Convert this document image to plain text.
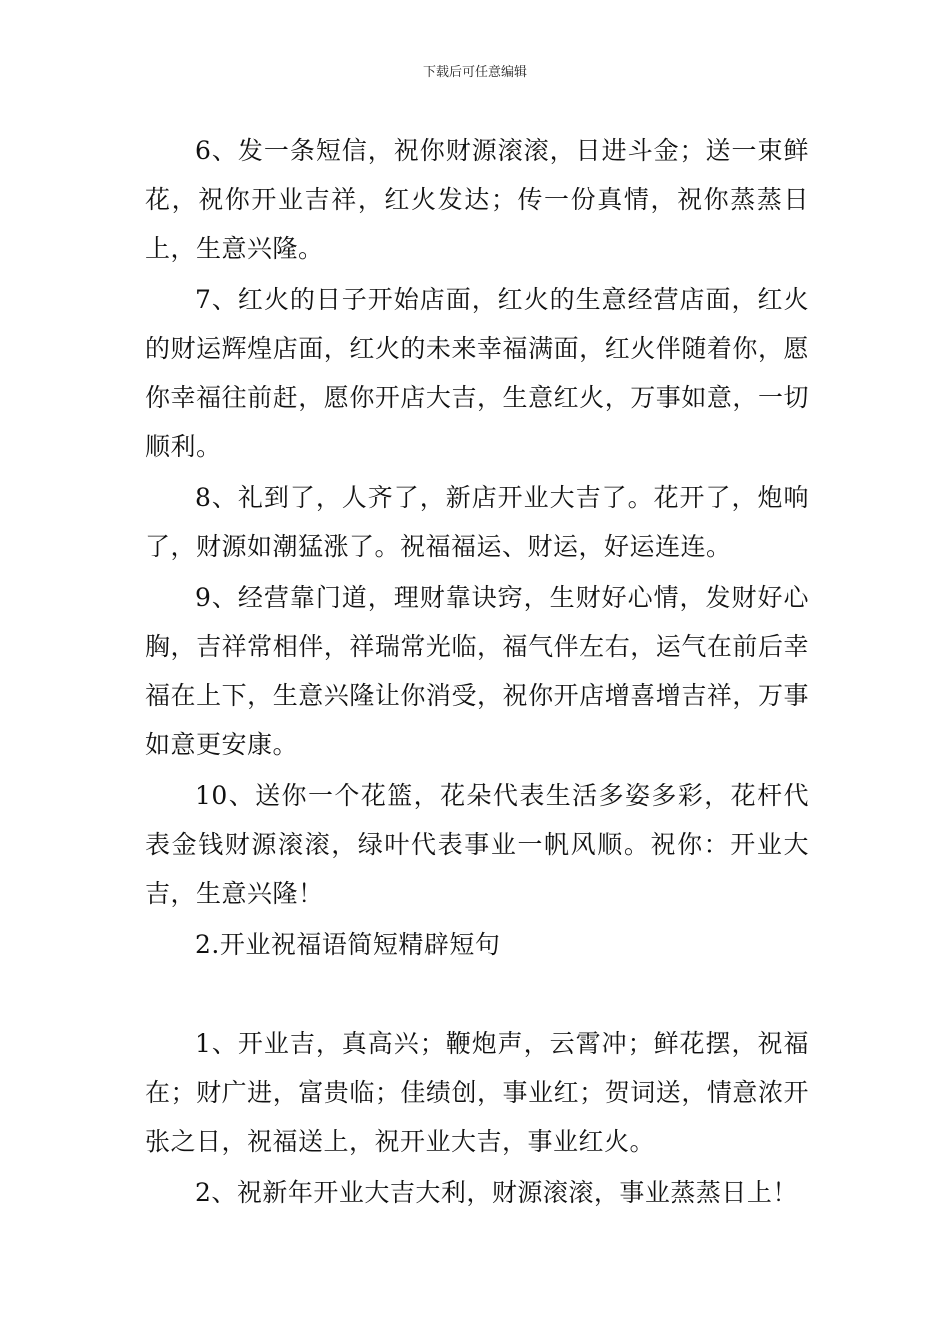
下载后可任意编辑

6、发一条短信，祝你财源滚滚，日进斗金；送一束鲜花，祝你开业吉祥，红火发达；传一份真情，祝你蒸蒸日上，生意兴隆。

7、红火的日子开始店面，红火的生意经营店面，红火的财运辉煌店面，红火的未来幸福满面，红火伴随着你，愿你幸福往前赶，愿你开店大吉，生意红火，万事如意，一切顺利。

8、礼到了，人齐了，新店开业大吉了。花开了，炮响了，财源如潮猛涨了。祝福福运、财运，好运连连。

9、经营靠门道，理财靠诀窍，生财好心情，发财好心胸，吉祥常相伴，祥瑞常光临，福气伴左右，运气在前后幸福在上下，生意兴隆让你消受，祝你开店增喜增吉祥，万事如意更安康。

10、送你一个花篮，花朵代表生活多姿多彩，花杆代表金钱财源滚滚，绿叶代表事业一帆风顺。祝你：开业大吉，生意兴隆！

2.开业祝福语简短精辟短句

1、开业吉，真高兴；鞭炮声，云霄冲；鲜花摆，祝福在；财广进，富贵临；佳绩创，事业红；贺词送，情意浓开张之日，祝福送上，祝开业大吉，事业红火。

2、祝新年开业大吉大利，财源滚滚，事业蒸蒸日上！
